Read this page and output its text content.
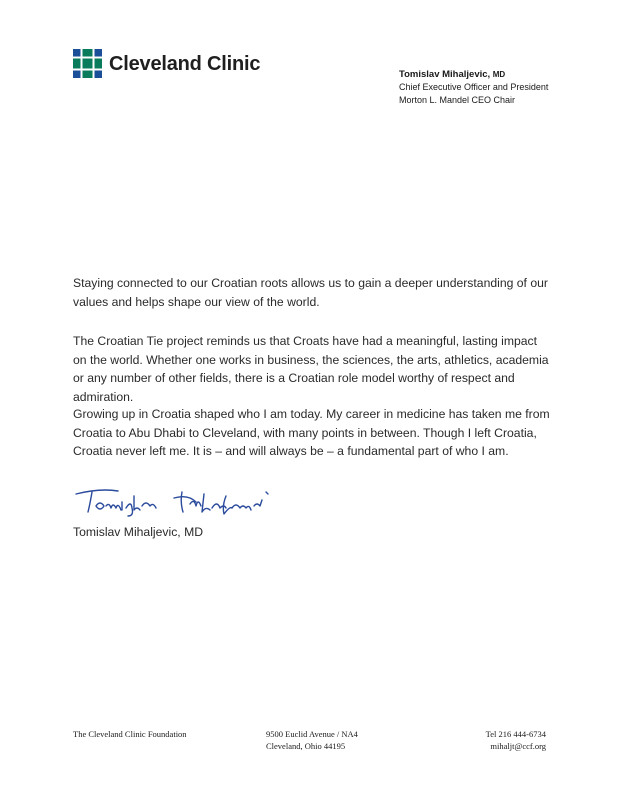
Cleveland Clinic	Tomislav Mihaljevic, MD
Chief Executive Officer and President
Morton L. Mandel CEO Chair
Staying connected to our Croatian roots allows us to gain a deeper understanding of our values and helps shape our view of the world.
The Croatian Tie project reminds us that Croats have had a meaningful, lasting impact on the world. Whether one works in business, the sciences, the arts, athletics, academia or any number of other fields, there is a Croatian role model worthy of respect and admiration.
Growing up in Croatia shaped who I am today. My career in medicine has taken me from Croatia to Abu Dhabi to Cleveland, with many points in between. Though I left Croatia, Croatia never left me. It is – and will always be – a fundamental part of who I am.
Tomislav Mihaljevic, MD
The Cleveland Clinic Foundation	9500 Euclid Avenue / NA4
Cleveland, Ohio 44195
Tel 216 444-6734
mihaljt@ccf.org
